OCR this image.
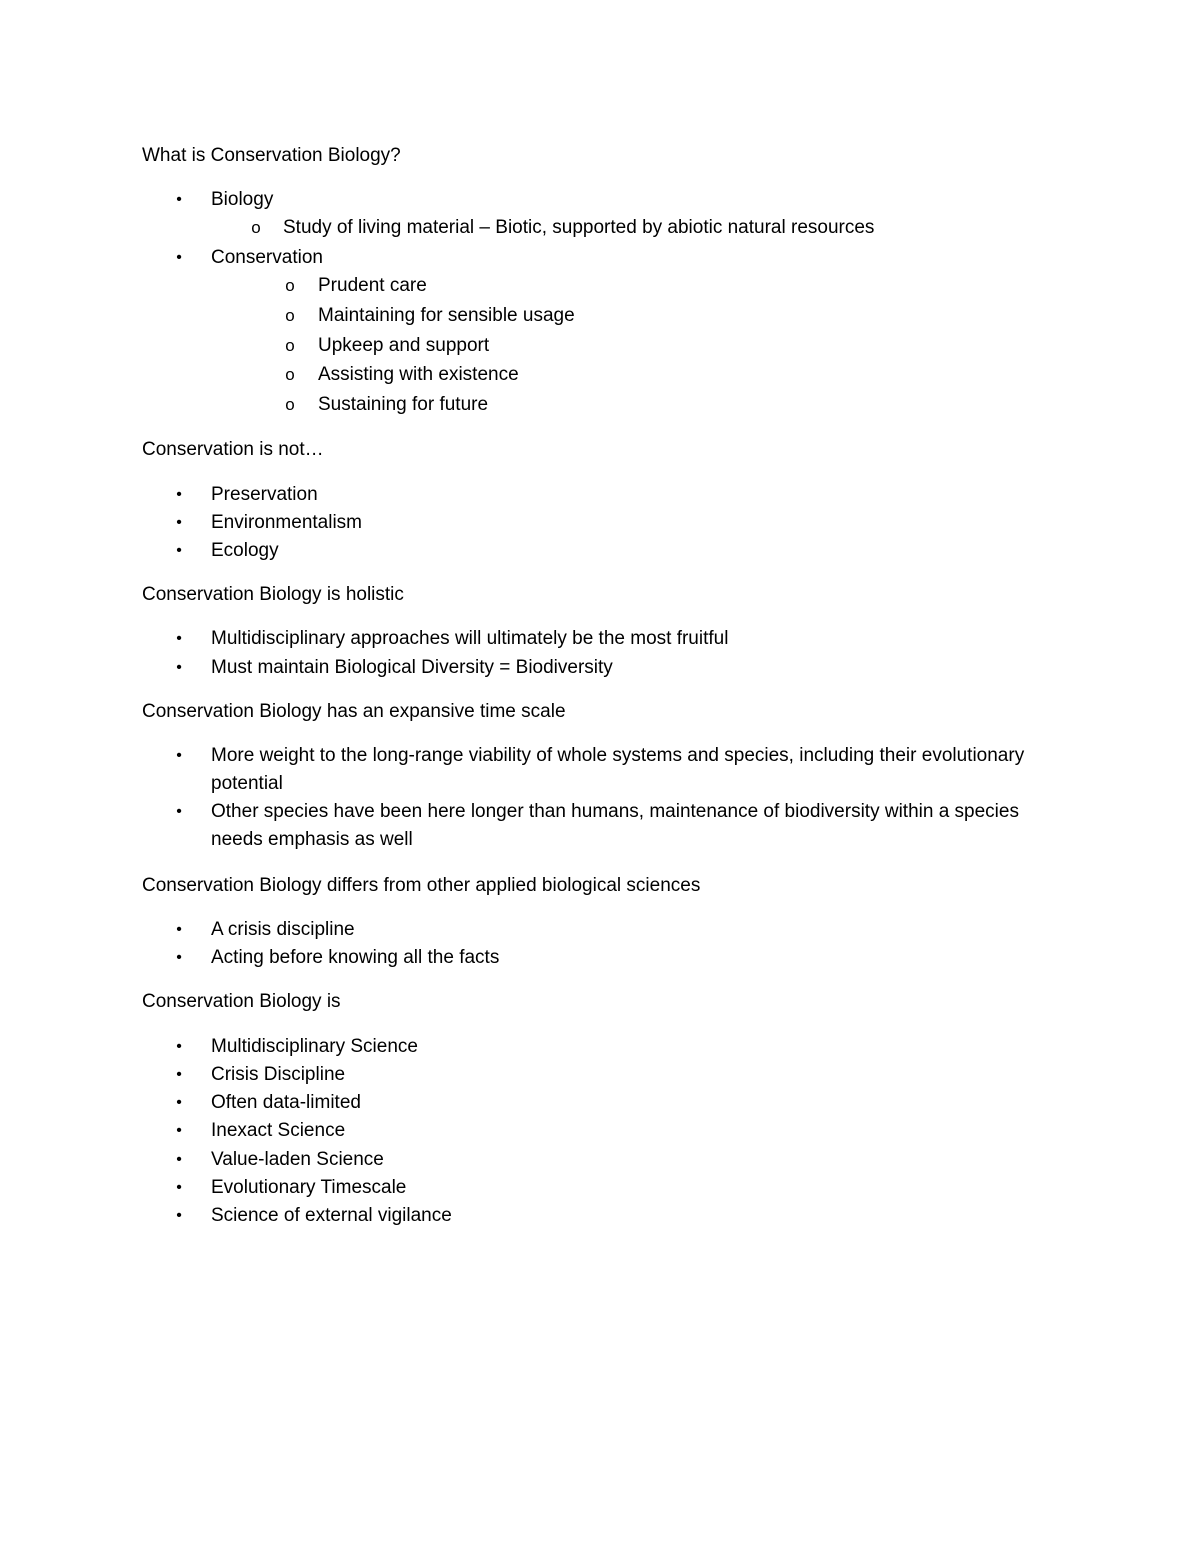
What is Conservation Biology?
• Biology
o Study of living material – Biotic, supported by abiotic natural resources
• Conservation
o Prudent care
o Maintaining for sensible usage
o Upkeep and support
o Assisting with existence
o Sustaining for future
Conservation is not…
• Preservation
• Environmentalism
• Ecology
Conservation Biology is holistic
• Multidisciplinary approaches will ultimately be the most fruitful
• Must maintain Biological Diversity = Biodiversity
Conservation Biology has an expansive time scale
• More weight to the long-range viability of whole systems and species, including their evolutionary potential
• Other species have been here longer than humans, maintenance of biodiversity within a species needs emphasis as well
Conservation Biology differs from other applied biological sciences
• A crisis discipline
• Acting before knowing all the facts
Conservation Biology is
• Multidisciplinary Science
• Crisis Discipline
• Often data-limited
• Inexact Science
• Value-laden Science
• Evolutionary Timescale
• Science of external vigilance
